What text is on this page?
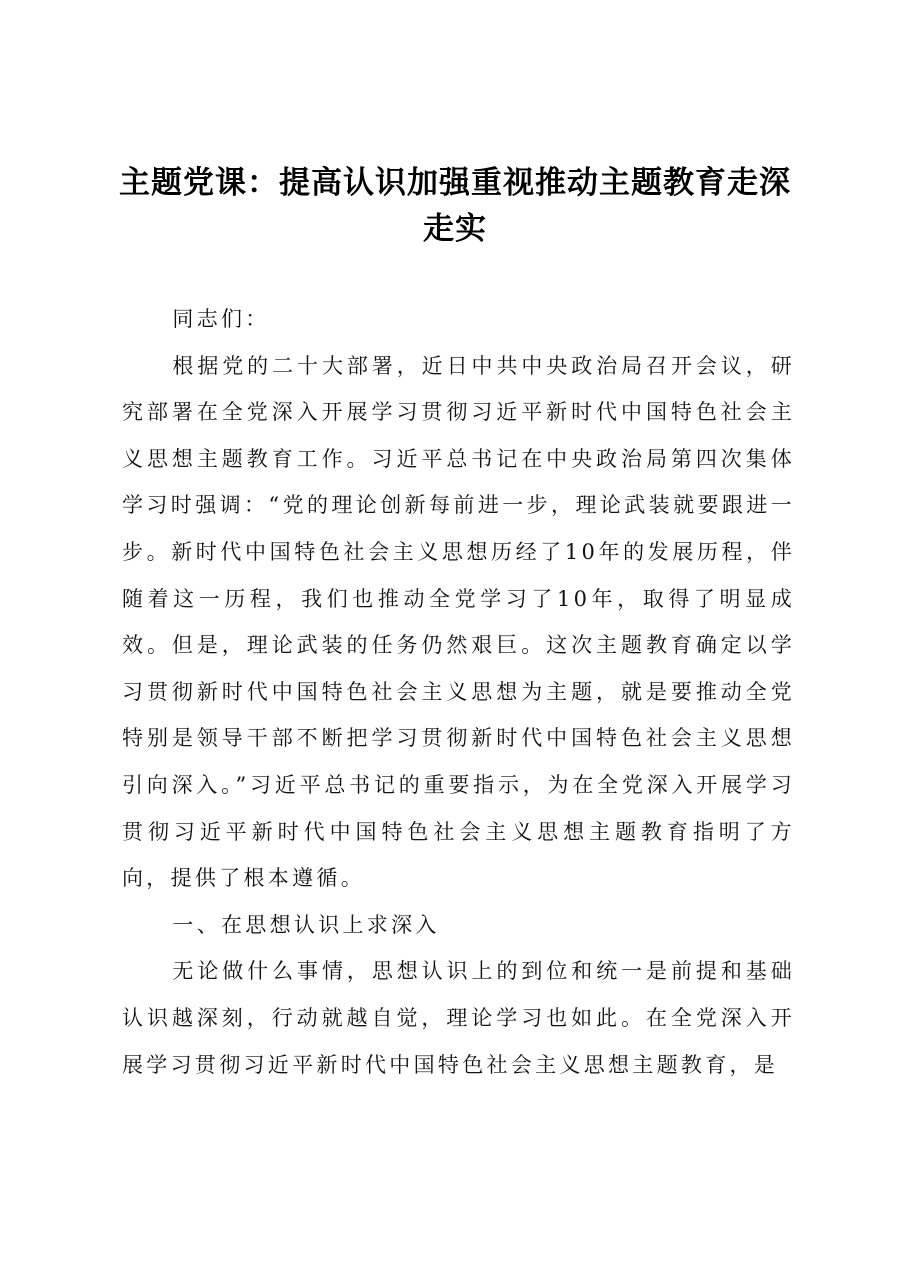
主题党课：提高认识加强重视推动主题教育走深走实

同志们：

根据党的二十大部署，近日中共中央政治局召开会议，研究部署在全党深入开展学习贯彻习近平新时代中国特色社会主义思想主题教育工作。习近平总书记在中央政治局第四次集体学习时强调：“党的理论创新每前进一步，理论武装就要跟进一步。新时代中国特色社会主义思想历经了10年的发展历程，伴随着这一历程，我们也推动全党学习了10年，取得了明显成效。但是，理论武装的任务仍然艰巨。这次主题教育确定以学习贯彻新时代中国特色社会主义思想为主题，就是要推动全党特别是领导干部不断把学习贯彻新时代中国特色社会主义思想引向深入。”习近平总书记的重要指示，为在全党深入开展学习贯彻习近平新时代中国特色社会主义思想主题教育指明了方向，提供了根本遵循。

一、在思想认识上求深入

无论做什么事情，思想认识上的到位和统一是前提和基础认识越深刻，行动就越自觉，理论学习也如此。在全党深入开展学习贯彻习近平新时代中国特色社会主义思想主题教育，是
